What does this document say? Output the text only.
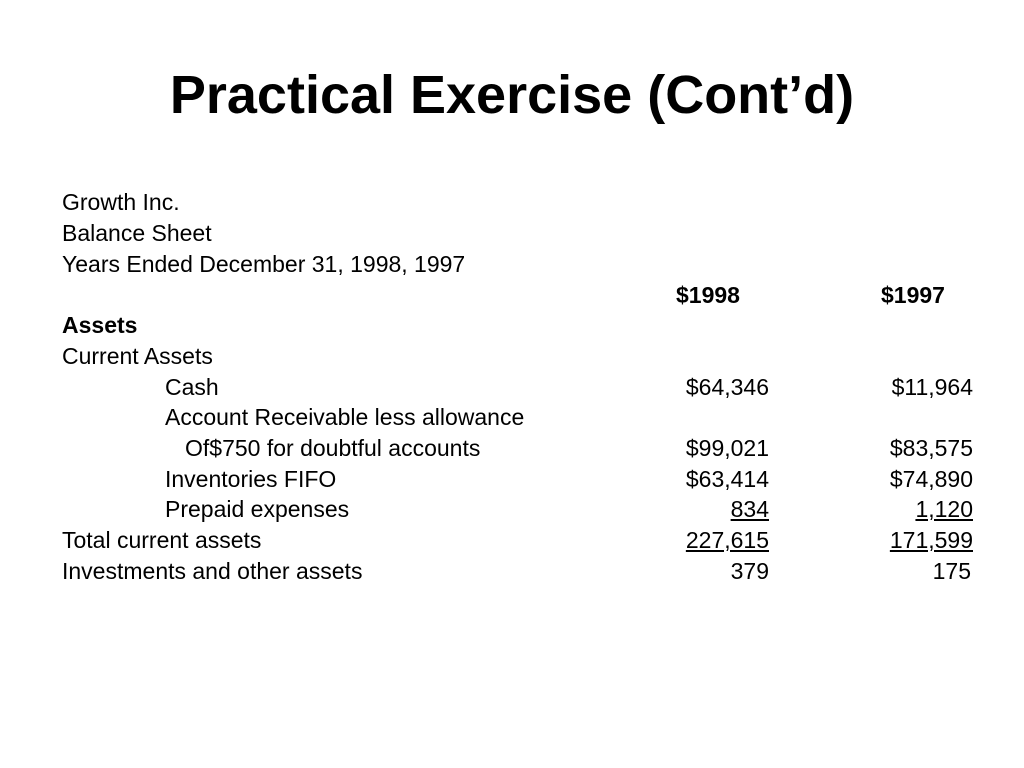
Practical Exercise (Cont’d)
Growth Inc.
Balance Sheet
Years Ended December 31, 1998, 1997
$1998	$1997
Assets
Current Assets
Cash	$64,346	$11,964
Account Receivable less allowance
Of$750 for doubtful accounts	$99,021	$83,575
Inventories FIFO	$63,414	$74,890
Prepaid expenses	834	1,120
Total current assets	227,615	171,599
Investments and other assets	379	175
